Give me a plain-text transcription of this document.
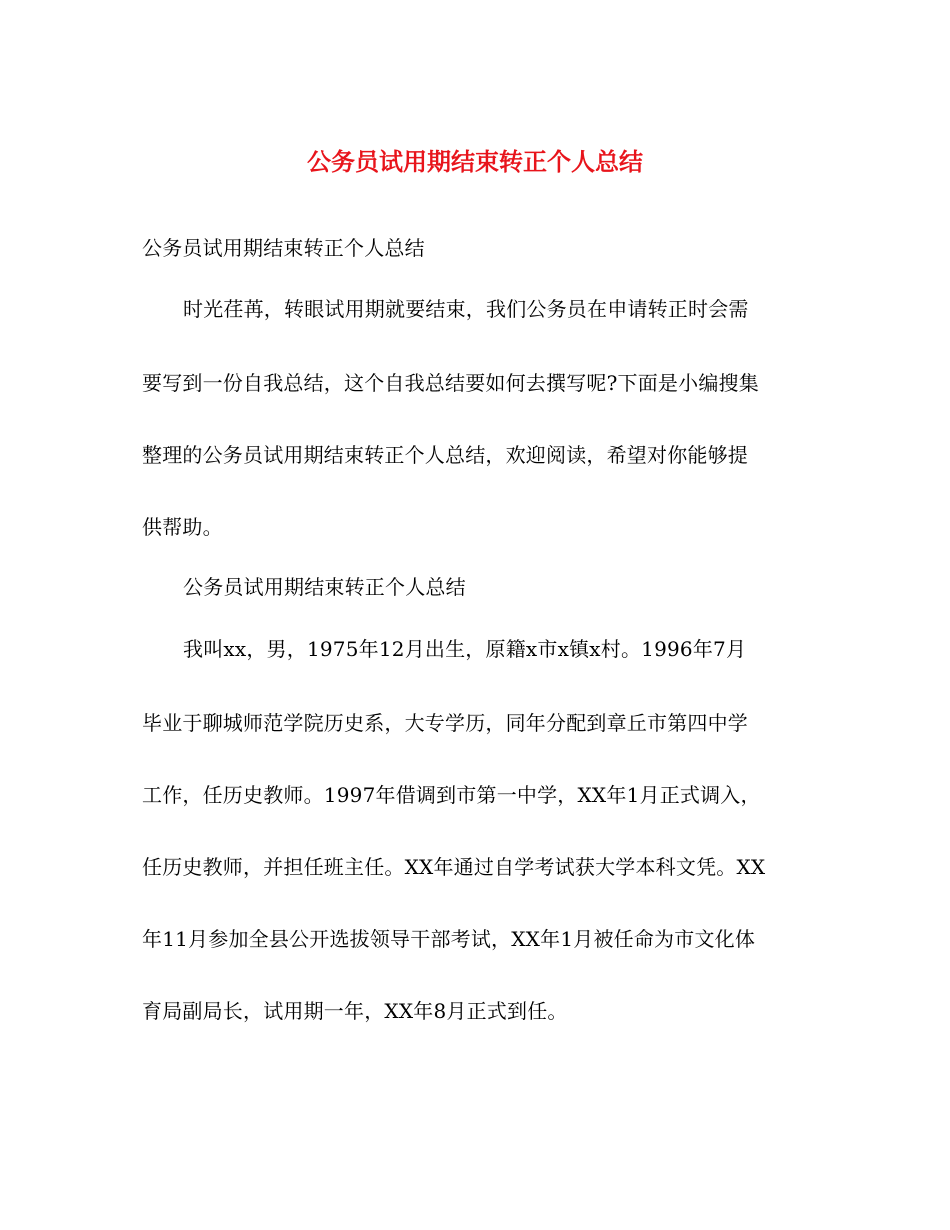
公务员试用期结束转正个人总结
公务员试用期结束转正个人总结
时光荏苒，转眼试用期就要结束，我们公务员在申请转正时会需
要写到一份自我总结，这个自我总结要如何去撰写呢?下面是小编搜集
整理的公务员试用期结束转正个人总结，欢迎阅读，希望对你能够提
供帮助。
公务员试用期结束转正个人总结
我叫xx，男，1975年12月出生，原籍x市x镇x村。1996年7月
毕业于聊城师范学院历史系，大专学历，同年分配到章丘市第四中学
工作，任历史教师。1997年借调到市第一中学，XX年1月正式调入，
任历史教师，并担任班主任。XX年通过自学考试获大学本科文凭。XX
年11月参加全县公开选拔领导干部考试，XX年1月被任命为市文化体
育局副局长，试用期一年，XX年8月正式到任。
